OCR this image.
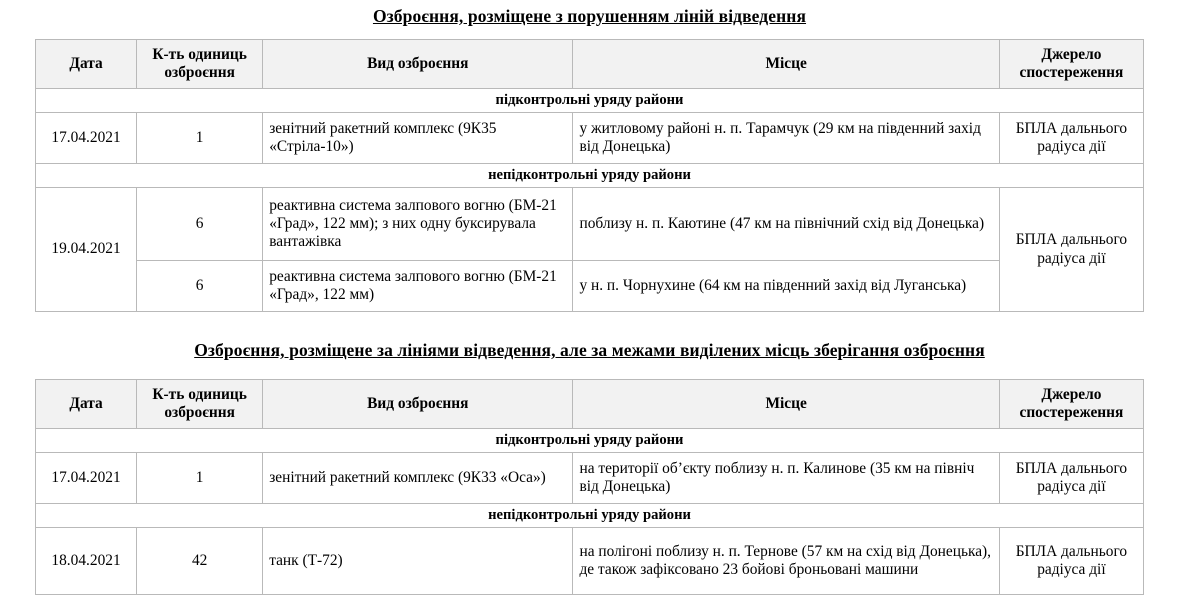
Озброєння, розміщене з порушенням ліній відведення
Дата	К-ть одиниць озброєння	Вид озброєння	Місце	Джерело спостереження
підконтрольні уряду райони				
17.04.2021	1	зенітний ракетний комплекс (9К35 «Стріла-10»)	у житловому районі н. п. Тарамчук (29 км на південний захід від Донецька)	БПЛА дальнього радіуса дії
непідконтрольні уряду райони				
19.04.2021	6	реактивна система залпового вогню (БМ-21 «Град», 122 мм); з них одну буксирувала вантажівка	поблизу н. п. Каютине (47 км на північний схід від Донецька)	БПЛА дальнього радіуса дії
	6	реактивна система залпового вогню (БМ-21 «Град», 122 мм)	у н. п. Чорнухине (64 км на південний захід від Луганська)	
Озброєння, розміщене за лініями відведення, але за межами виділених місць зберігання озброєння
Дата	К-ть одиниць озброєння	Вид озброєння	Місце	Джерело спостереження
підконтрольні уряду райони				
17.04.2021	1	зенітний ракетний комплекс (9К33 «Оса»)	на території об’єкту поблизу н. п. Калинове (35 км на північ від Донецька)	БПЛА дальнього радіуса дії
непідконтрольні уряду райони				
18.04.2021	42	танк (Т-72)	на полігоні поблизу н. п. Тернове (57 км на схід від Донецька), де також зафіксовано 23 бойові броньовані машини	БПЛА дальнього радіуса дії
